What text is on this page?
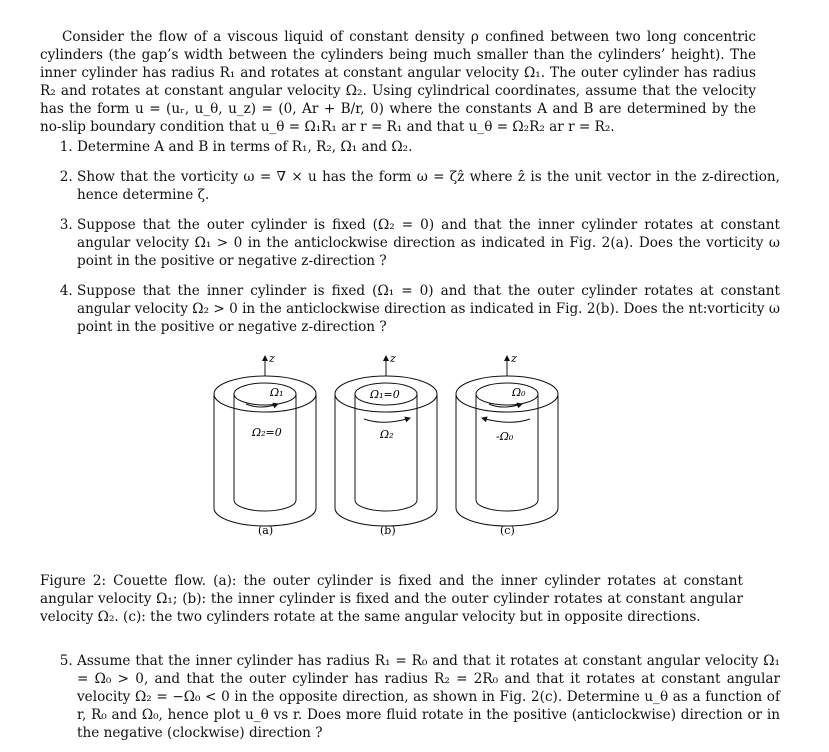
Consider the flow of a viscous liquid of constant density ρ confined between two long concentric cylinders (the gap’s width between the cylinders being much smaller than the cylinders’ height). The inner cylinder has radius R₁ and rotates at constant angular velocity Ω₁. The outer cylinder has radius R₂ and rotates at constant angular velocity Ω₂. Using cylindrical coordinates, assume that the velocity has the form u = (uᵣ, u_θ, u_z) = (0, Ar + B/r, 0) where the constants A and B are determined by the no-slip boundary condition that u_θ = Ω₁R₁ ar r = R₁ and that u_θ = Ω₂R₂ ar r = R₂.

1. Determine A and B in terms of R₁, R₂, Ω₁ and Ω₂.
2. Show that the vorticity ω = ∇ × u has the form ω = ζẑ where ẑ is the unit vector in the z-direction, hence determine ζ.
3. Suppose that the outer cylinder is fixed (Ω₂ = 0) and that the inner cylinder rotates at constant angular velocity Ω₁ > 0 in the anticlockwise direction as indicated in Fig. 2(a). Does the vorticity ω point in the positive or negative z-direction ?
4. Suppose that the inner cylinder is fixed (Ω₁ = 0) and that the outer cylinder rotates at constant angular velocity Ω₂ > 0 in the anticlockwise direction as indicated in Fig. 2(b). Does the nt:vorticity ω point in the positive or negative z-direction ?
z
Ω₁
Ω₂=0
(a)
z
Ω₁=0
Ω₂
(b)
z
Ω₀
-Ω₀
(c)

Figure 2: Couette flow. (a): the outer cylinder is fixed and the inner cylinder rotates at constant angular velocity Ω₁; (b): the inner cylinder is fixed and the outer cylinder rotates at constant angular velocity Ω₂. (c): the two cylinders rotate at the same angular velocity but in opposite directions.

5. Assume that the inner cylinder has radius R₁ = R₀ and that it rotates at constant angular velocity Ω₁ = Ω₀ > 0, and that the outer cylinder has radius R₂ = 2R₀ and that it rotates at constant angular velocity Ω₂ = −Ω₀ < 0 in the opposite direction, as shown in Fig. 2(c). Determine u_θ as a function of r, R₀ and Ω₀, hence plot u_θ vs r. Does more fluid rotate in the positive (anticlockwise) direction or in the negative (clockwise) direction ?
